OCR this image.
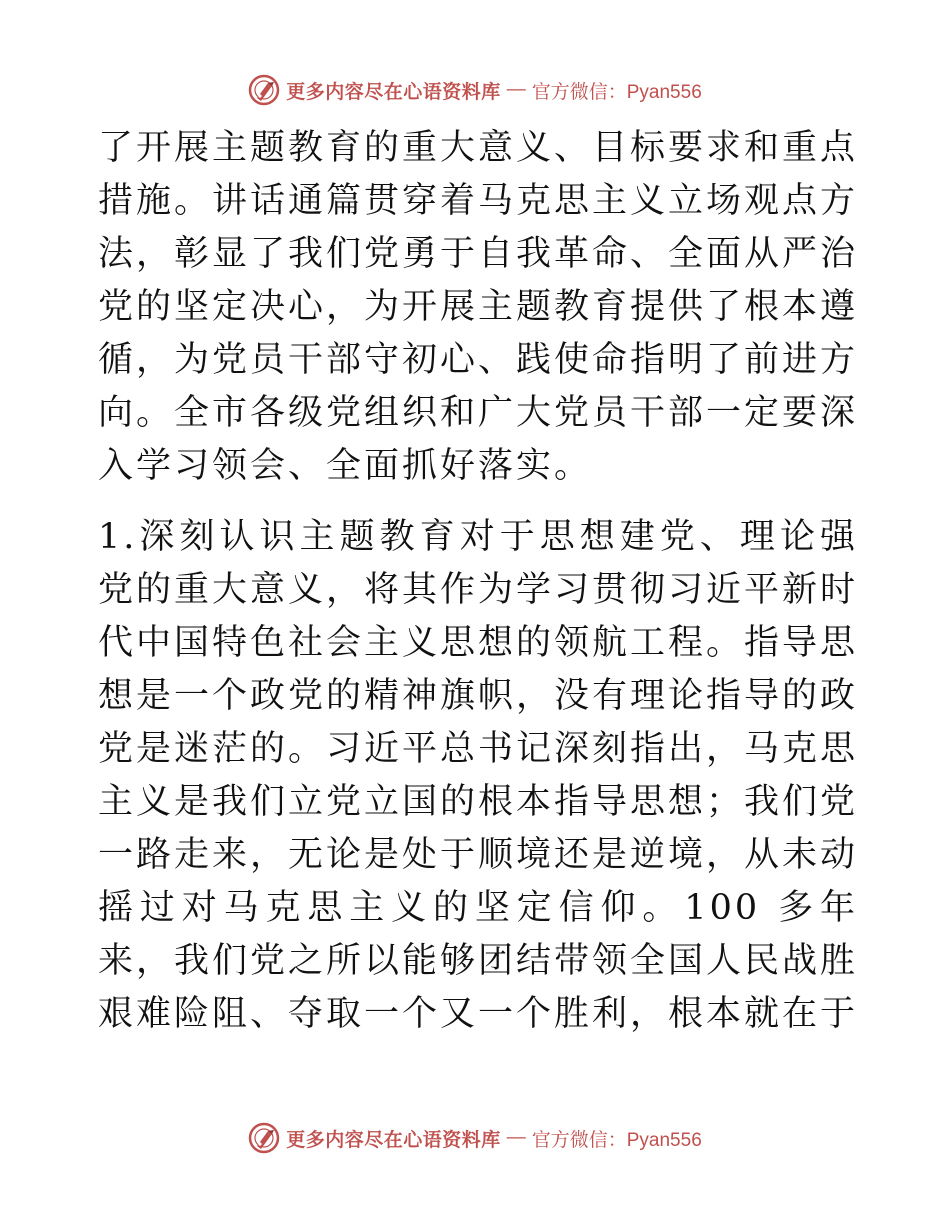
更多内容尽在心语资料库 — 官方微信：Pyan556

了开展主题教育的重大意义、目标要求和重点措施。讲话通篇贯穿着马克思主义立场观点方法，彰显了我们党勇于自我革命、全面从严治党的坚定决心，为开展主题教育提供了根本遵循，为党员干部守初心、践使命指明了前进方向。全市各级党组织和广大党员干部一定要深入学习领会、全面抓好落实。

1.深刻认识主题教育对于思想建党、理论强党的重大意义，将其作为学习贯彻习近平新时代中国特色社会主义思想的领航工程。指导思想是一个政党的精神旗帜，没有理论指导的政党是迷茫的。习近平总书记深刻指出，马克思主义是我们立党立国的根本指导思想；我们党一路走来，无论是处于顺境还是逆境，从未动摇过对马克思主义的坚定信仰。100 多年来，我们党之所以能够团结带领全国人民战胜艰难险阻、夺取一个又一个胜利，根本就在于

更多内容尽在心语资料库 — 官方微信：Pyan556
